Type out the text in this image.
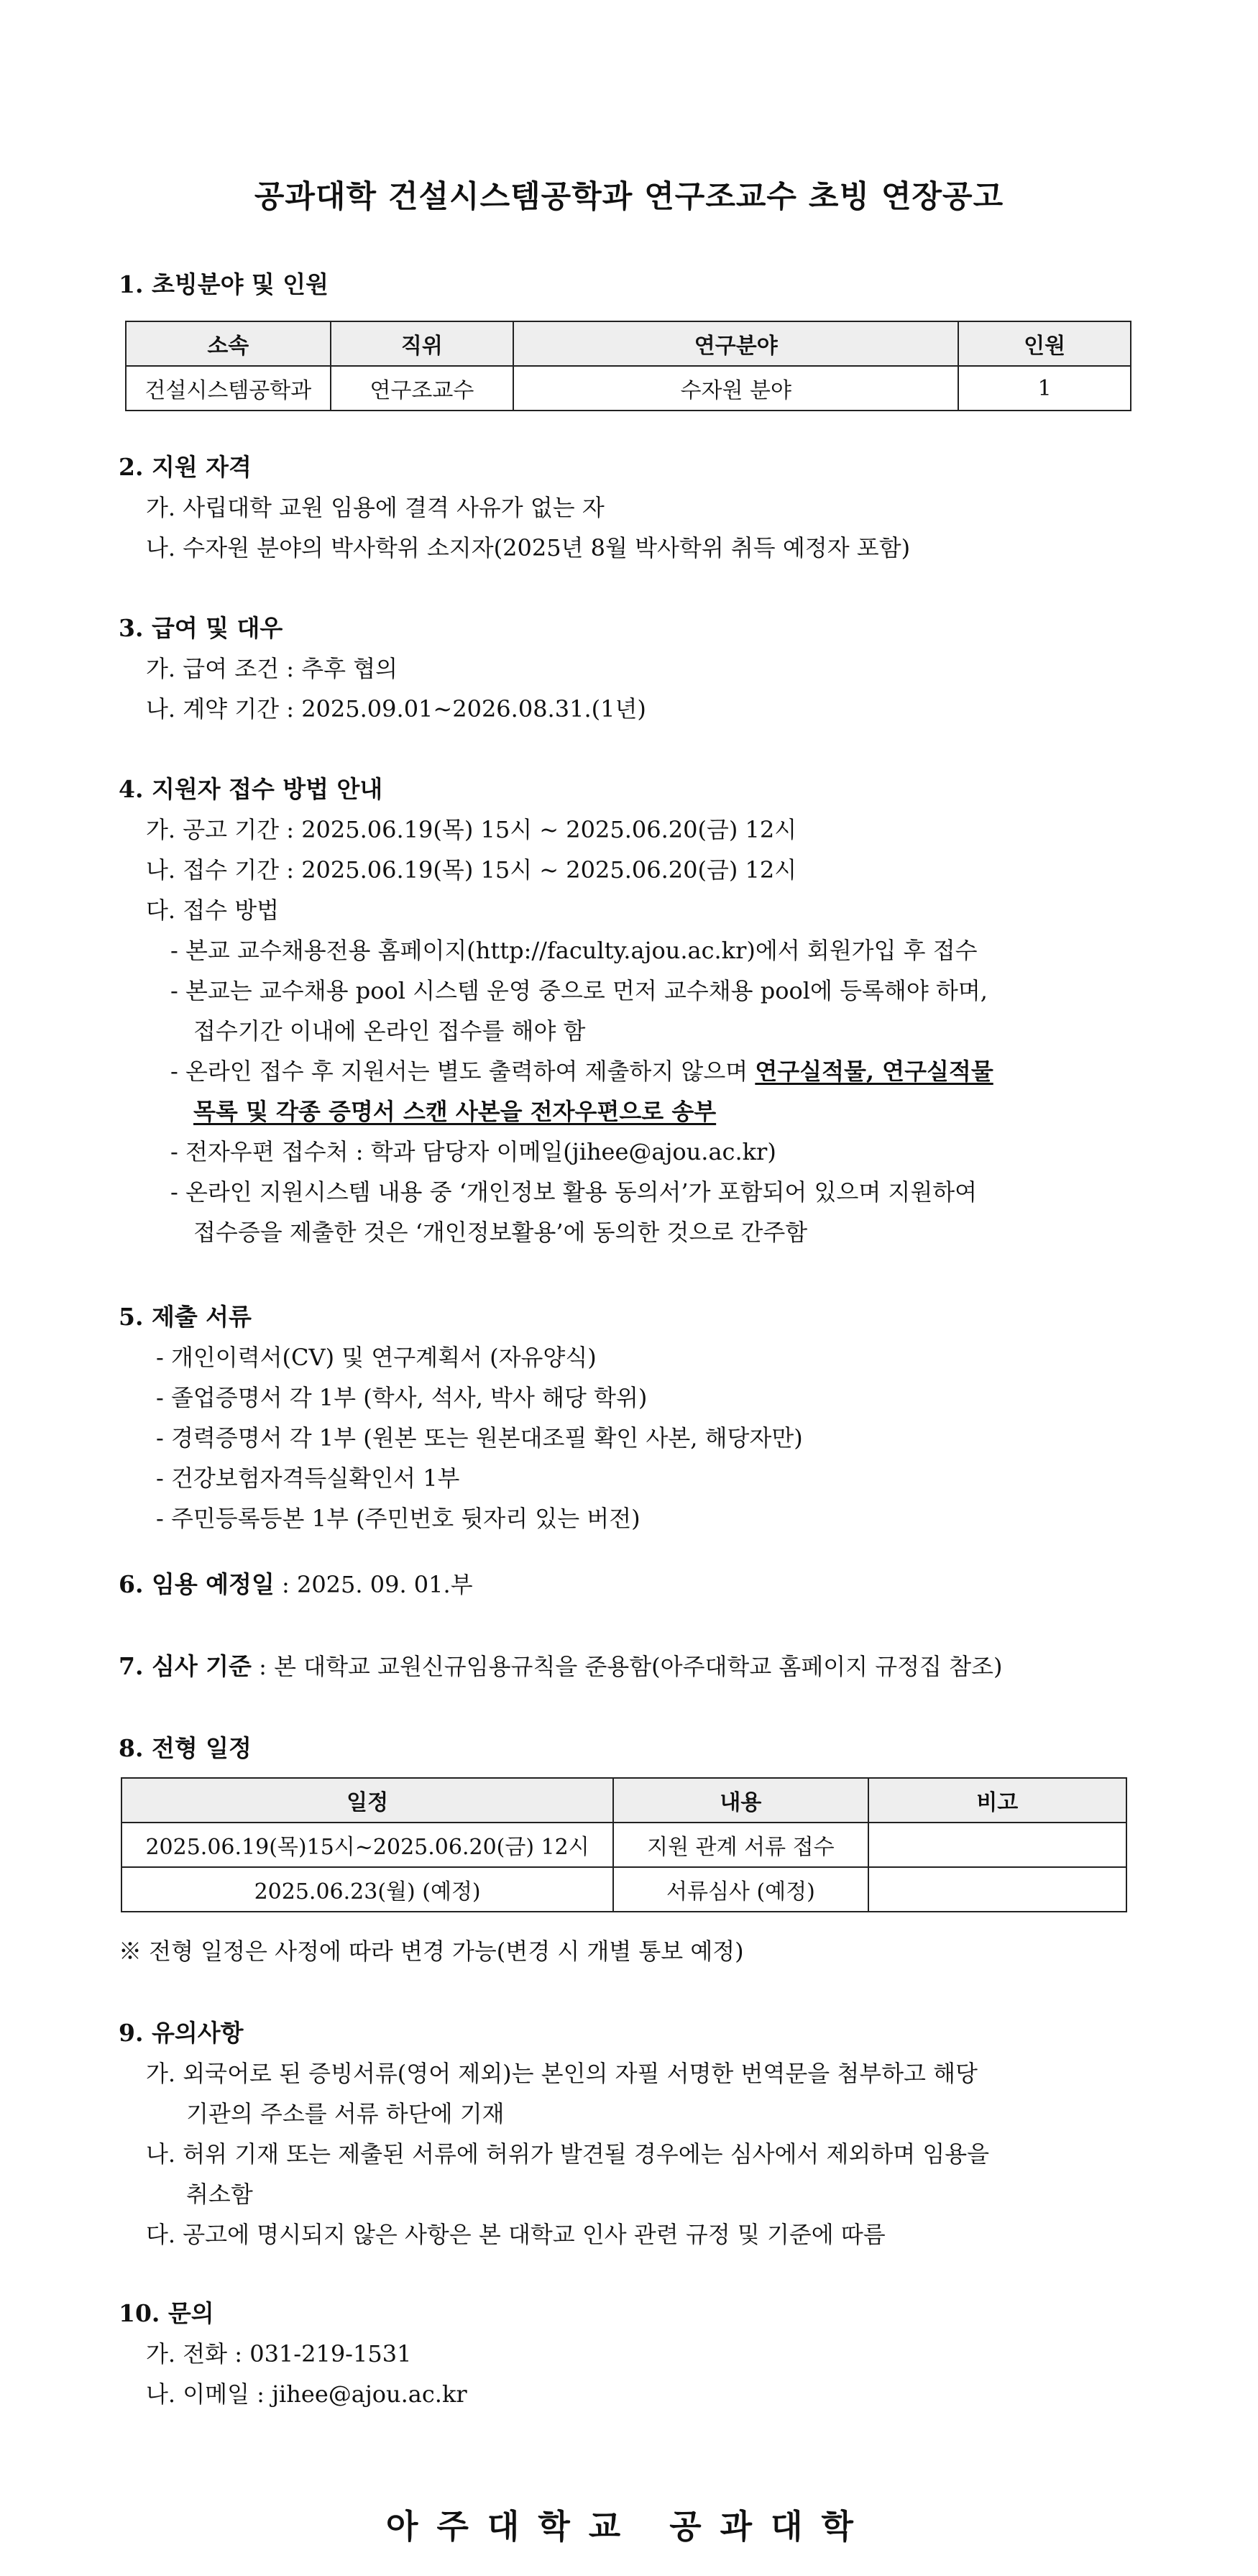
공과대학 건설시스템공학과 연구조교수 초빙 연장공고
1. 초빙분야 및 인원
소속	직위	연구분야	인원
건설시스템공학과	연구조교수	수자원 분야	1
2. 지원 자격
가. 사립대학 교원 임용에 결격 사유가 없는 자
나. 수자원 분야의 박사학위 소지자(2025년 8월 박사학위 취득 예정자 포함)
3. 급여 및 대우
가. 급여 조건 : 추후 협의
나. 계약 기간 : 2025.09.01∼2026.08.31.(1년)
4. 지원자 접수 방법 안내
가. 공고 기간 : 2025.06.19(목) 15시 ~ 2025.06.20(금) 12시
나. 접수 기간 : 2025.06.19(목) 15시 ~ 2025.06.20(금) 12시
다. 접수 방법
- 본교 교수채용전용 홈페이지(http://faculty.ajou.ac.kr)에서 회원가입 후 접수
- 본교는 교수채용 pool 시스템 운영 중으로 먼저 교수채용 pool에 등록해야 하며,
접수기간 이내에 온라인 접수를 해야 함
- 온라인 접수 후 지원서는 별도 출력하여 제출하지 않으며 연구실적물, 연구실적물
목록 및 각종 증명서 스캔 사본을 전자우편으로 송부
- 전자우편 접수처 : 학과 담당자 이메일(jihee@ajou.ac.kr)
- 온라인 지원시스템 내용 중 ‘개인정보 활용 동의서’가 포함되어 있으며 지원하여
접수증을 제출한 것은 ‘개인정보활용’에 동의한 것으로 간주함
5. 제출 서류
- 개인이력서(CV) 및 연구계획서 (자유양식)
- 졸업증명서 각 1부 (학사, 석사, 박사 해당 학위)
- 경력증명서 각 1부 (원본 또는 원본대조필 확인 사본, 해당자만)
- 건강보험자격득실확인서 1부
- 주민등록등본 1부 (주민번호 뒷자리 있는 버전)
6. 임용 예정일 : 2025. 09. 01.부
7. 심사 기준 : 본 대학교 교원신규임용규칙을 준용함(아주대학교 홈페이지 규정집 참조)
8. 전형 일정
일정	내용	비고
2025.06.19(목)15시~2025.06.20(금) 12시	지원 관계 서류 접수	
2025.06.23(월) (예정)	서류심사 (예정)	
※ 전형 일정은 사정에 따라 변경 가능(변경 시 개별 통보 예정)
9. 유의사항
가. 외국어로 된 증빙서류(영어 제외)는 본인의 자필 서명한 번역문을 첨부하고 해당
기관의 주소를 서류 하단에 기재
나. 허위 기재 또는 제출된 서류에 허위가 발견될 경우에는 심사에서 제외하며 임용을
취소함
다. 공고에 명시되지 않은 사항은 본 대학교 인사 관련 규정 및 기준에 따름
10. 문의
가. 전화 : 031-219-1531
나. 이메일 : jihee@ajou.ac.kr
아주대학교 공과대학
